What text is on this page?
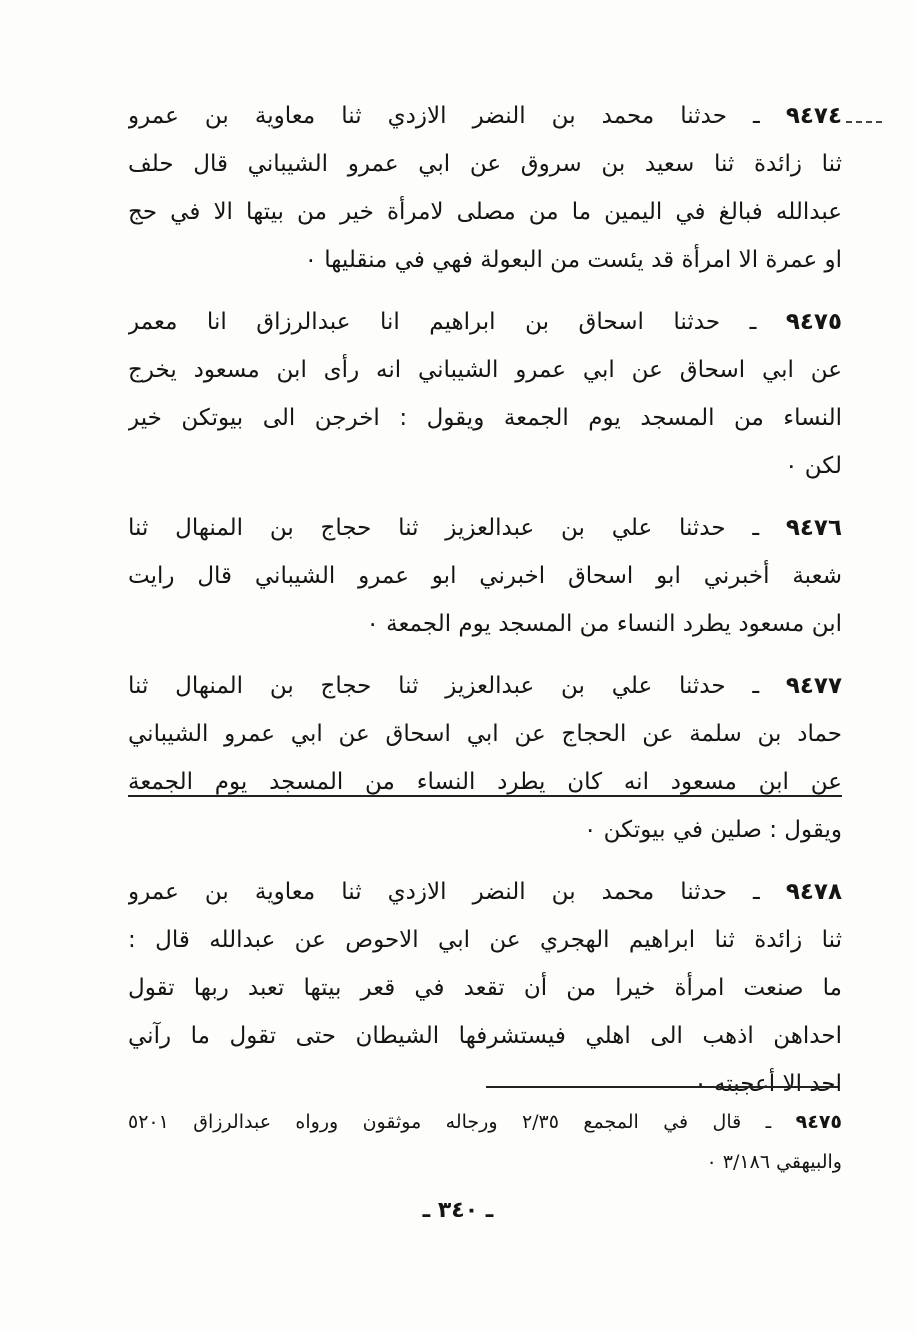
٩٤٧٤ ـ حدثنا محمد بن النضر الازدي ثنا معاوية بن عمرو
ثنا زائدة ثنا سعيد بن سروق عن ابي عمرو الشيباني قال حلف
عبدالله فبالغ في اليمين ما من مصلى لامرأة خير من بيتها الا في حج
او عمرة الا امرأة قد يئست من البعولة فهي في منقليها ٠
٩٤٧٥ ـ حدثنا اسحاق بن ابراهيم انا عبدالرزاق انا معمر
عن ابي اسحاق عن ابي عمرو الشيباني انه رأى ابن مسعود يخرج
النساء من المسجد يوم الجمعة ويقول : اخرجن الى بيوتكن خير
لكن ٠
٩٤٧٦ ـ حدثنا علي بن عبدالعزيز ثنا حجاج بن المنهال ثنا
شعبة أخبرني ابو اسحاق اخبرني ابو عمرو الشيباني قال رايت
ابن مسعود يطرد النساء من المسجد يوم الجمعة ٠
٩٤٧٧ ـ حدثنا علي بن عبدالعزيز ثنا حجاج بن المنهال ثنا
حماد بن سلمة عن الحجاج عن ابي اسحاق عن ابي عمرو الشيباني
عن ابن مسعود انه كان يطرد النساء من المسجد يوم الجمعة
ويقول : صلين في بيوتكن ٠
٩٤٧٨ ـ حدثنا محمد بن النضر الازدي ثنا معاوية بن عمرو
ثنا زائدة ثنا ابراهيم الهجري عن ابي الاحوص عن عبدالله قال :
ما صنعت امرأة خيرا من أن تقعد في قعر بيتها تعبد ربها تقول
احداهن اذهب الى اهلي فيستشرفها الشيطان حتى تقول ما رآني
احد الا أعجبته ٠
٩٤٧٥ ـ قال في المجمع ٢/٣٥ ورجاله موثقون ورواه عبدالرزاق ٥٢٠١
والبيهقي ٣/١٨٦ ٠
ـ ٣٤٠ ـ
